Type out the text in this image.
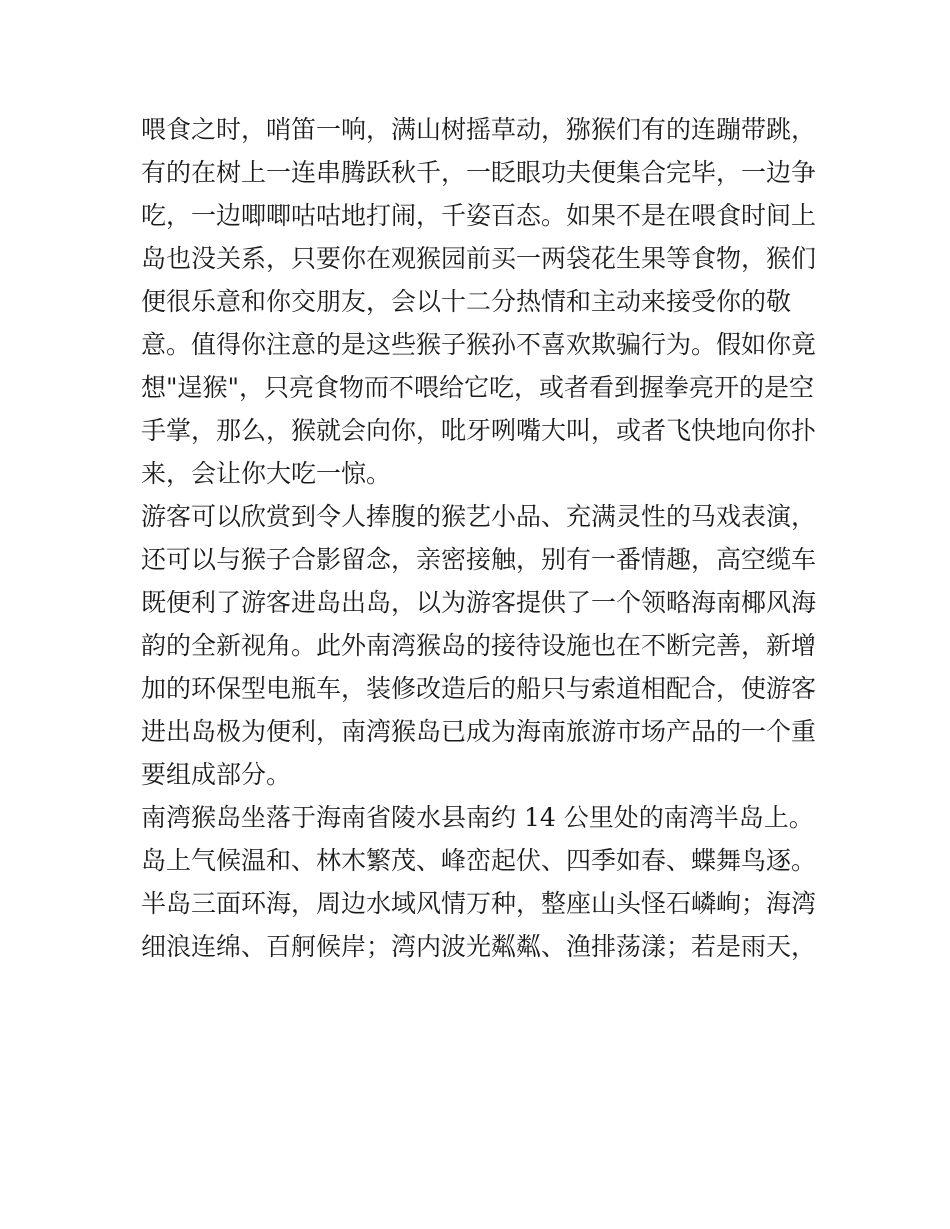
喂食之时，哨笛一响，满山树摇草动，猕猴们有的连蹦带跳，
有的在树上一连串腾跃秋千，一眨眼功夫便集合完毕，一边争
吃，一边唧唧咕咕地打闹，千姿百态。如果不是在喂食时间上
岛也没关系，只要你在观猴园前买一两袋花生果等食物，猴们
便很乐意和你交朋友，会以十二分热情和主动来接受你的敬
意。值得你注意的是这些猴子猴孙不喜欢欺骗行为。假如你竟
想"逞猴"，只亮食物而不喂给它吃，或者看到握拳亮开的是空
手掌，那么，猴就会向你，吡牙咧嘴大叫，或者飞快地向你扑
来，会让你大吃一惊。
游客可以欣赏到令人捧腹的猴艺小品、充满灵性的马戏表演，
还可以与猴子合影留念，亲密接触，别有一番情趣，高空缆车
既便利了游客进岛出岛，以为游客提供了一个领略海南椰风海
韵的全新视角。此外南湾猴岛的接待设施也在不断完善，新增
加的环保型电瓶车，装修改造后的船只与索道相配合，使游客
进出岛极为便利，南湾猴岛已成为海南旅游市场产品的一个重
要组成部分。
南湾猴岛坐落于海南省陵水县南约 14 公里处的南湾半岛上。
岛上气候温和、林木繁茂、峰峦起伏、四季如春、蝶舞鸟逐。
半岛三面环海，周边水域风情万种，整座山头怪石嶙峋；海湾
细浪连绵、百舸候岸；湾内波光粼粼、渔排荡漾；若是雨天，
